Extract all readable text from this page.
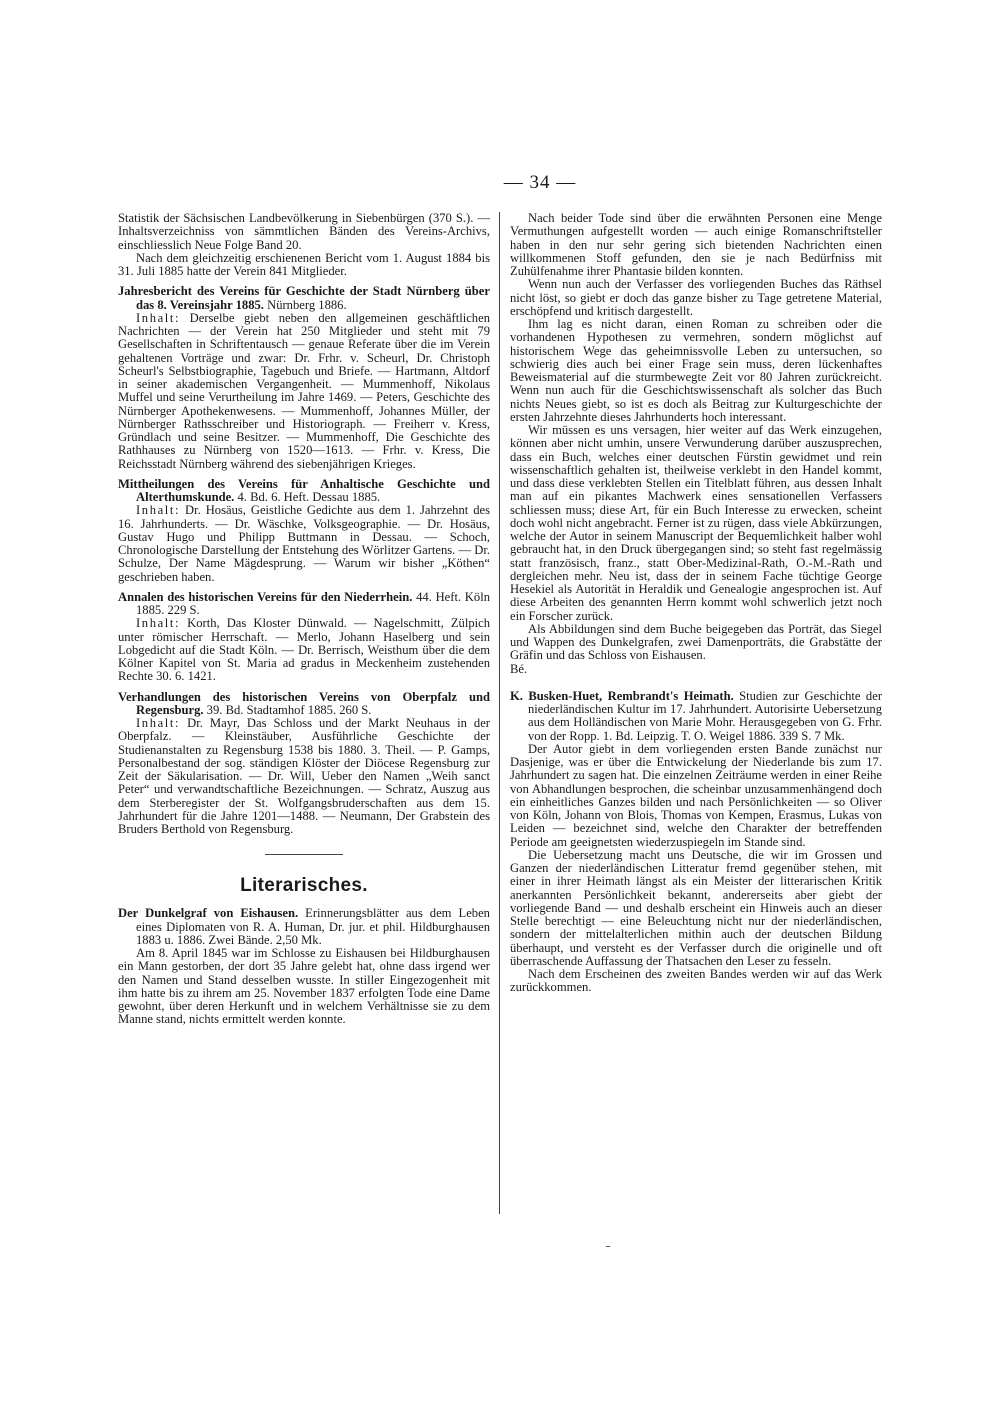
— 34 —

Statistik der Sächsischen Landbevölkerung in Siebenbürgen (370 S.). — Inhaltsverzeichniss von sämmtlichen Bänden des Vereins-Archivs, einschliesslich Neue Folge Band 20.

Nach dem gleichzeitig erschienenen Bericht vom 1. August 1884 bis 31. Juli 1885 hatte der Verein 841 Mitglieder.

Jahresbericht des Vereins für Geschichte der Stadt Nürnberg über das 8. Vereinsjahr 1885. Nürnberg 1886.

Inhalt: Derselbe giebt neben den allgemeinen geschäftlichen Nachrichten — der Verein hat 250 Mitglieder und steht mit 79 Gesellschaften in Schriftentausch — genaue Referate über die im Verein gehaltenen Vorträge und zwar: Dr. Frhr. v. Scheurl, Dr. Christoph Scheurl's Selbstbiographie, Tagebuch und Briefe. — Hartmann, Altdorf in seiner akademischen Vergangenheit. — Mummenhoff, Nikolaus Muffel und seine Verurtheilung im Jahre 1469. — Peters, Geschichte des Nürnberger Apothekenwesens. — Mummenhoff, Johannes Müller, der Nürnberger Rathsschreiber und Historiograph. — Freiherr v. Kress, Gründlach und seine Besitzer. — Mummenhoff, Die Geschichte des Rathhauses zu Nürnberg von 1520—1613. — Frhr. v. Kress, Die Reichsstadt Nürnberg während des siebenjährigen Krieges.

Mittheilungen des Vereins für Anhaltische Geschichte und Alterthumskunde. 4. Bd. 6. Heft. Dessau 1885.

Inhalt: Dr. Hosäus, Geistliche Gedichte aus dem 1. Jahrzehnt des 16. Jahrhunderts. — Dr. Wäschke, Volksgeographie. — Dr. Hosäus, Gustav Hugo und Philipp Buttmann in Dessau. — Schoch, Chronologische Darstellung der Entstehung des Wörlitzer Gartens. — Dr. Schulze, Der Name Mägdesprung. — Warum wir bisher „Köthen“ geschrieben haben.

Annalen des historischen Vereins für den Niederrhein. 44. Heft. Köln 1885. 229 S.

Inhalt: Korth, Das Kloster Dünwald. — Nagelschmitt, Zülpich unter römischer Herrschaft. — Merlo, Johann Haselberg und sein Lobgedicht auf die Stadt Köln. — Dr. Berrisch, Weisthum über die dem Kölner Kapitel von St. Maria ad gradus in Meckenheim zustehenden Rechte 30. 6. 1421.

Verhandlungen des historischen Vereins von Oberpfalz und Regensburg. 39. Bd. Stadtamhof 1885. 260 S.

Inhalt: Dr. Mayr, Das Schloss und der Markt Neuhaus in der Oberpfalz. — Kleinstäuber, Ausführliche Geschichte der Studienanstalten zu Regensburg 1538 bis 1880. 3. Theil. — P. Gamps, Personalbestand der sog. ständigen Klöster der Diöcese Regensburg zur Zeit der Säkularisation. — Dr. Will, Ueber den Namen „Weih sanct Peter“ und verwandtschaftliche Bezeichnungen. — Schratz, Auszug aus dem Sterberegister der St. Wolfgangsbruderschaften aus dem 15. Jahrhundert für die Jahre 1201—1488. — Neumann, Der Grabstein des Bruders Berthold von Regensburg.

Literarisches.

Der Dunkelgraf von Eishausen. Erinnerungsblätter aus dem Leben eines Diplomaten von R. A. Human, Dr. jur. et phil. Hildburghausen 1883 u. 1886. Zwei Bände. 2,50 Mk.

Am 8. April 1845 war im Schlosse zu Eishausen bei Hildburghausen ein Mann gestorben, der dort 35 Jahre gelebt hat, ohne dass irgend wer den Namen und Stand desselben wusste. In stiller Eingezogenheit mit ihm hatte bis zu ihrem am 25. November 1837 erfolgten Tode eine Dame gewohnt, über deren Herkunft und in welchem Verhältnisse sie zu dem Manne stand, nichts ermittelt werden konnte.

Nach beider Tode sind über die erwähnten Personen eine Menge Vermuthungen aufgestellt worden — auch einige Romanschriftsteller haben in den nur sehr gering sich bietenden Nachrichten einen willkommenen Stoff gefunden, den sie je nach Bedürfniss mit Zuhülfenahme ihrer Phantasie bilden konnten.

Wenn nun auch der Verfasser des vorliegenden Buches das Räthsel nicht löst, so giebt er doch das ganze bisher zu Tage getretene Material, erschöpfend und kritisch dargestellt.

Ihm lag es nicht daran, einen Roman zu schreiben oder die vorhandenen Hypothesen zu vermehren, sondern möglichst auf historischem Wege das geheimnissvolle Leben zu untersuchen, so schwierig dies auch bei einer Frage sein muss, deren lückenhaftes Beweismaterial auf die sturmbewegte Zeit vor 80 Jahren zurückreicht. Wenn nun auch für die Geschichtswissenschaft als solcher das Buch nichts Neues giebt, so ist es doch als Beitrag zur Kulturgeschichte der ersten Jahrzehnte dieses Jahrhunderts hoch interessant.

Wir müssen es uns versagen, hier weiter auf das Werk einzugehen, können aber nicht umhin, unsere Verwunderung darüber auszusprechen, dass ein Buch, welches einer deutschen Fürstin gewidmet und rein wissenschaftlich gehalten ist, theilweise verklebt in den Handel kommt, und dass diese verklebten Stellen ein Titelblatt führen, aus dessen Inhalt man auf ein pikantes Machwerk eines sensationellen Verfassers schliessen muss; diese Art, für ein Buch Interesse zu erwecken, scheint doch wohl nicht angebracht. Ferner ist zu rügen, dass viele Abkürzungen, welche der Autor in seinem Manuscript der Bequemlichkeit halber wohl gebraucht hat, in den Druck übergegangen sind; so steht fast regelmässig statt französisch, franz., statt Ober-Medizinal-Rath, O.-M.-Rath und dergleichen mehr. Neu ist, dass der in seinem Fache tüchtige George Hesekiel als Autorität in Heraldik und Genealogie angesprochen ist. Auf diese Arbeiten des genannten Herrn kommt wohl schwerlich jetzt noch ein Forscher zurück.

Als Abbildungen sind dem Buche beigegeben das Porträt, das Siegel und Wappen des Dunkelgrafen, zwei Damenporträts, die Grabstätte der Gräfin und das Schloss von Eishausen.

Bé.

K. Busken-Huet, Rembrandt's Heimath. Studien zur Geschichte der niederländischen Kultur im 17. Jahrhundert. Autorisirte Uebersetzung aus dem Holländischen von Marie Mohr. Herausgegeben von G. Frhr. von der Ropp. 1. Bd. Leipzig. T. O. Weigel 1886. 339 S. 7 Mk.

Der Autor giebt in dem vorliegenden ersten Bande zunächst nur Dasjenige, was er über die Entwickelung der Niederlande bis zum 17. Jahrhundert zu sagen hat. Die einzelnen Zeiträume werden in einer Reihe von Abhandlungen besprochen, die scheinbar unzusammenhängend doch ein einheitliches Ganzes bilden und nach Persönlichkeiten — so Oliver von Köln, Johann von Blois, Thomas von Kempen, Erasmus, Lukas von Leiden — bezeichnet sind, welche den Charakter der betreffenden Periode am geeignetsten wiederzuspiegeln im Stande sind.

Die Uebersetzung macht uns Deutsche, die wir im Grossen und Ganzen der niederländischen Litteratur fremd gegenüber stehen, mit einer in ihrer Heimath längst als ein Meister der litterarischen Kritik anerkannten Persönlichkeit bekannt, andererseits aber giebt der vorliegende Band — und deshalb erscheint ein Hinweis auch an dieser Stelle berechtigt — eine Beleuchtung nicht nur der niederländischen, sondern der mittelalterlichen mithin auch der deutschen Bildung überhaupt, und versteht es der Verfasser durch die originelle und oft überraschende Auffassung der Thatsachen den Leser zu fesseln.

Nach dem Erscheinen des zweiten Bandes werden wir auf das Werk zurückkommen.
